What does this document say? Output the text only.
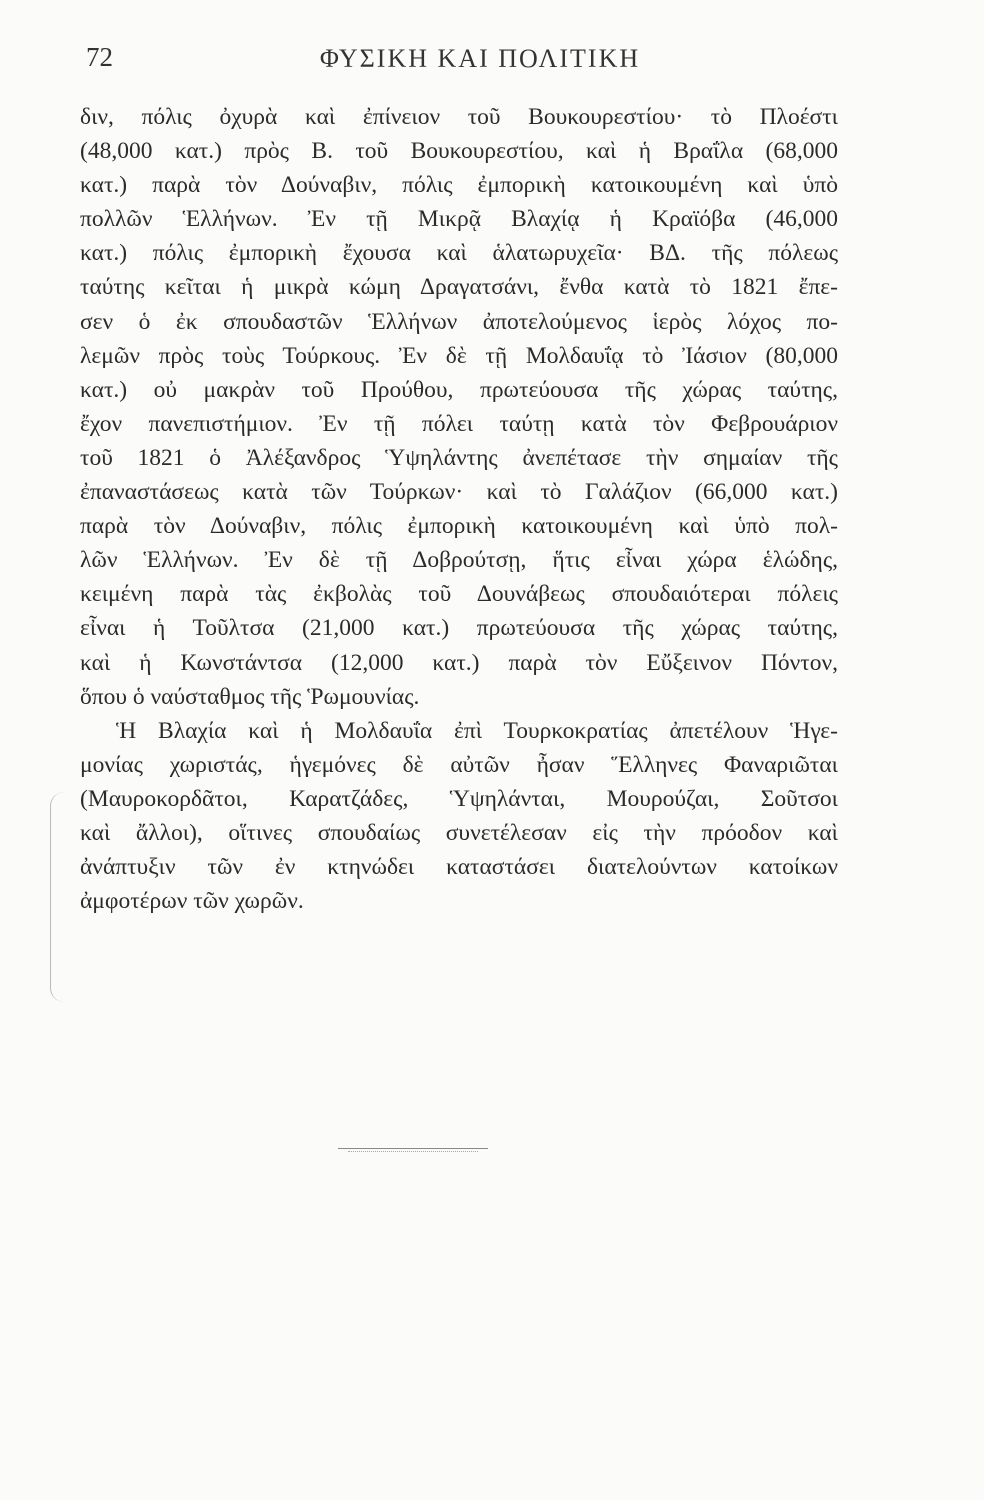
72	ΦΥΣΙΚΗ ΚΑΙ ΠΟΛΙΤΙΚΗ

διν, πόλις ὀχυρὰ καὶ ἐπίνειον τοῦ Βουκουρεστίου· τὸ Πλοέστι
(48,000 κατ.) πρὸς Β. τοῦ Βουκουρεστίου, καὶ ἡ Βραΐλα (68,000
κατ.) παρὰ τὸν Δούναβιν, πόλις ἐμπορικὴ κατοικουμένη καὶ ὑπὸ
πολλῶν Ἑλλήνων. Ἐν τῇ Μικρᾷ Βλαχίᾳ ἡ Κραϊόβα (46,000
κατ.) πόλις ἐμπορικὴ ἔχουσα καὶ ἁλατωρυχεῖα· ΒΔ. τῆς πόλεως
ταύτης κεῖται ἡ μικρὰ κώμη Δραγατσάνι, ἔνθα κατὰ τὸ 1821 ἔπε-
σεν ὁ ἐκ σπουδαστῶν Ἑλλήνων ἀποτελούμενος ἱερὸς λόχος πο-
λεμῶν πρὸς τοὺς Τούρκους. Ἐν δὲ τῇ Μολδαυΐᾳ τὸ Ἰάσιον (80,000
κατ.) οὐ μακρὰν τοῦ Προύθου, πρωτεύουσα τῆς χώρας ταύτης,
ἔχον πανεπιστήμιον. Ἐν τῇ πόλει ταύτῃ κατὰ τὸν Φεβρουάριον
τοῦ 1821 ὁ Ἀλέξανδρος Ὑψηλάντης ἀνεπέτασε τὴν σημαίαν τῆς
ἐπαναστάσεως κατὰ τῶν Τούρκων· καὶ τὸ Γαλάζιον (66,000 κατ.)
παρὰ τὸν Δούναβιν, πόλις ἐμπορικὴ κατοικουμένη καὶ ὑπὸ πολ-
λῶν Ἑλλήνων. Ἐν δὲ τῇ Δοβρούτσῃ, ἥτις εἶναι χώρα ἑλώδης,
κειμένη παρὰ τὰς ἐκβολὰς τοῦ Δουνάβεως σπουδαιότεραι πόλεις
εἶναι ἡ Τοῦλτσα (21,000 κατ.) πρωτεύουσα τῆς χώρας ταύτης,
καὶ ἡ Κωνστάντσα (12,000 κατ.) παρὰ τὸν Εὔξεινον Πόντον,
ὅπου ὁ ναύσταθμος τῆς Ῥωμουνίας.

Ἡ Βλαχία καὶ ἡ Μολδαυΐα ἐπὶ Τουρκοκρατίας ἀπετέλουν Ἡγε-
μονίας χωριστάς, ἡγεμόνες δὲ αὐτῶν ἦσαν Ἕλληνες Φαναριῶται
(Μαυροκορδᾶτοι, Καρατζάδες, Ὑψηλάνται, Μουρούζαι, Σοῦτσοι
καὶ ἄλλοι), οἵτινες σπουδαίως συνετέλεσαν εἰς τὴν πρόοδον καὶ
ἀνάπτυξιν τῶν ἐν κτηνώδει καταστάσει διατελούντων κατοίκων
ἀμφοτέρων τῶν χωρῶν.
